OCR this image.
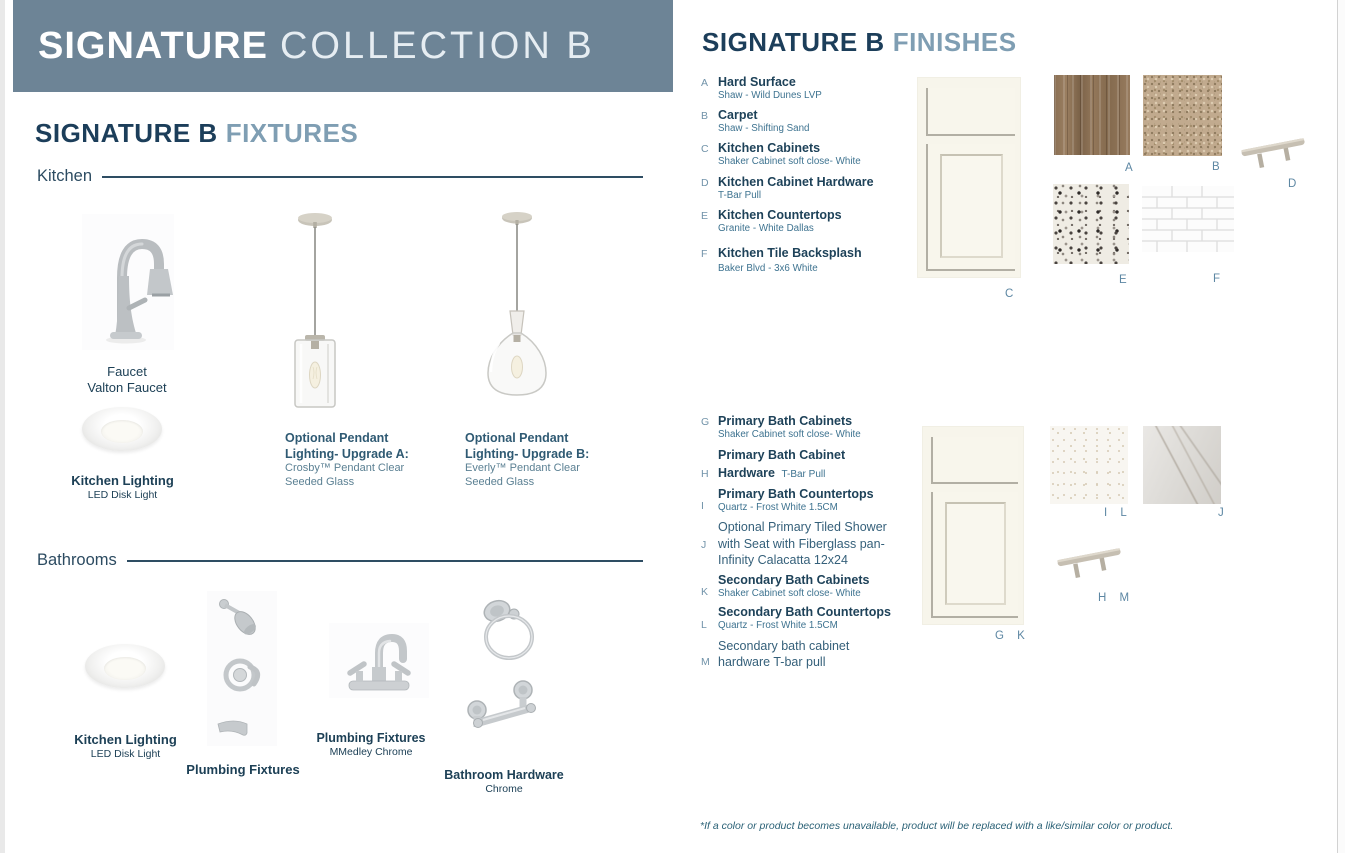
SIGNATURE COLLECTION B
SIGNATURE B FIXTURES
Kitchen
Faucet
Valton Faucet
Kitchen Lighting
LED Disk Light
Optional Pendant
Lighting- Upgrade A:
Crosby™ Pendant Clear
Seeded Glass
Optional Pendant
Lighting- Upgrade B:
Everly™ Pendant Clear
Seeded Glass
Bathrooms
Kitchen Lighting
LED Disk Light
Plumbing Fixtures
Plumbing Fixtures
MMedley Chrome
Bathroom Hardware
Chrome
SIGNATURE B FINISHES
A Hard Surface
Shaw - Wild Dunes LVP
B Carpet
Shaw - Shifting Sand
C Kitchen Cabinets
Shaker Cabinet soft close- White
D Kitchen Cabinet Hardware
T-Bar Pull
E Kitchen Countertops
Granite - White Dallas
F Kitchen Tile Backsplash
Baker Blvd - 3x6 White
C
A	B
D
E	F
G Primary Bath Cabinets
Shaker Cabinet soft close- White
H
Primary Bath Cabinet Hardware T-Bar Pull
I
Primary Bath Countertops
Quartz - Frost White 1.5CM
J
Optional Primary Tiled Shower with Seat with Fiberglass pan- Infinity Calacatta 12x24
K
Secondary Bath Cabinets
Shaker Cabinet soft close- White
L
Secondary Bath Countertops
Quartz - Frost White 1.5CM
M
Secondary bath cabinet hardware T-bar pull
G K
I L	J
H M
*If a color or product becomes unavailable, product will be replaced with a like/similar color or product.
